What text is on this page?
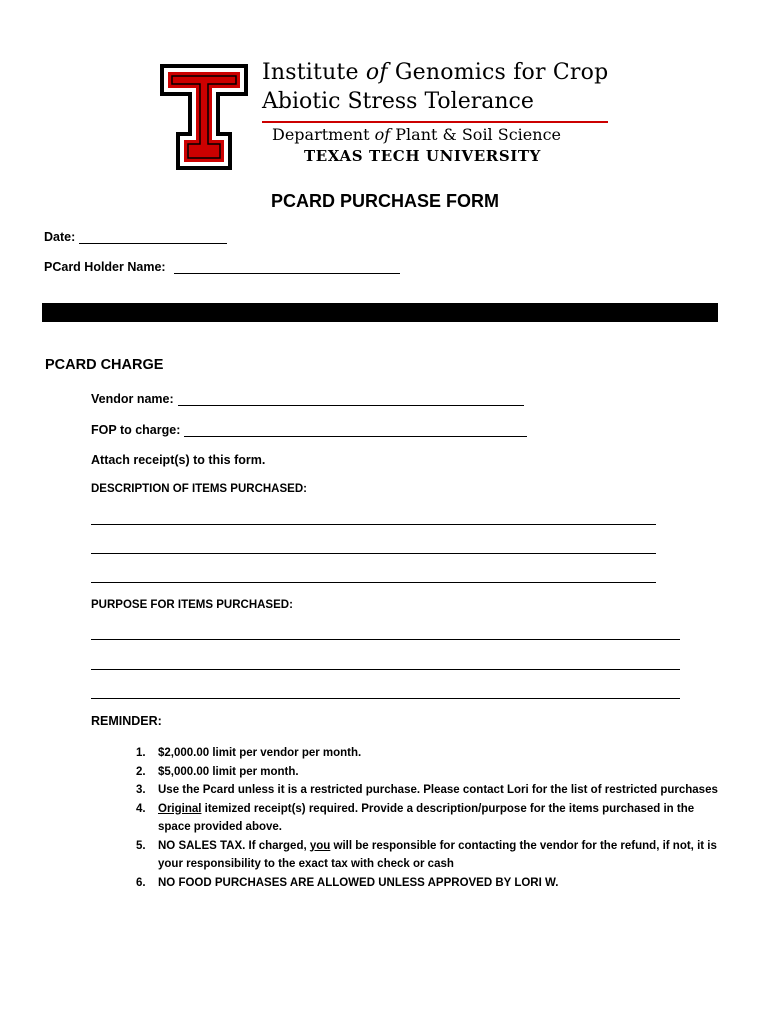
Institute of Genomics for Crop
Abiotic Stress Tolerance
Department of Plant & Soil Science
TEXAS TECH UNIVERSITY
PCARD PURCHASE FORM
Date:
PCard Holder Name:
PCARD CHARGE
Vendor name:
FOP to charge:
Attach receipt(s) to this form.
DESCRIPTION OF ITEMS PURCHASED:
PURPOSE FOR ITEMS PURCHASED:
REMINDER:
1.	$2,000.00 limit per vendor per month.
2.	$5,000.00 limit per month.
3.	Use the Pcard unless it is a restricted purchase. Please contact Lori for the list of restricted purchases
4.	Original itemized receipt(s) required. Provide a description/purpose for the items purchased in the space provided above.
5.	NO SALES TAX. If charged, you will be responsible for contacting the vendor for the refund, if not, it is your responsibility to the exact tax with check or cash
6.	NO FOOD PURCHASES ARE ALLOWED UNLESS APPROVED BY LORI W.
